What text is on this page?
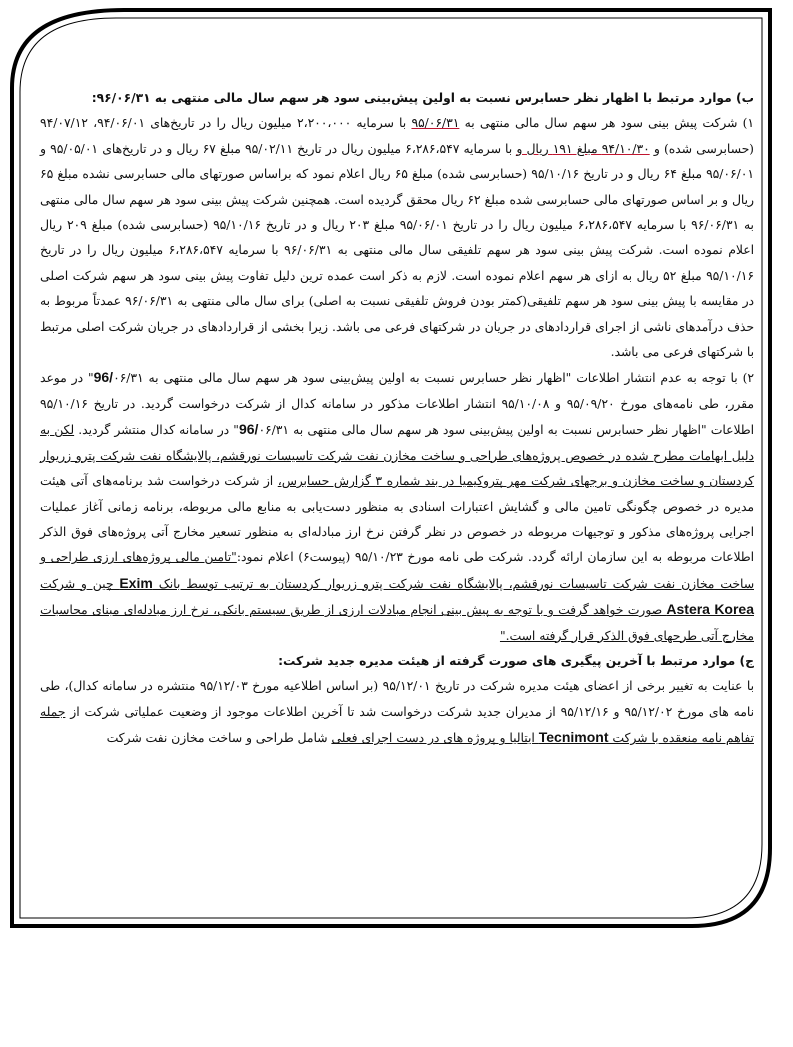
ب) موارد مرتبط با اظهار نظر حسابرس نسبت به اولین پیش‌بینی سود هر سهم سال مالی منتهی به ۹۶/۰۶/۳۱:

۱) شرکت پیش بینی سود هر سهم سال مالی منتهی به ۹۵/۰۶/۳۱ با سرمایه ۲،۲۰۰،۰۰۰ میلیون ریال را در تاریخ‌های ۹۴/۰۶/۰۱، ۹۴/۰۷/۱۲ (حسابرسی شده) و ۹۴/۱۰/۳۰ مبلغ ۱۹۱ ریال و با سرمایه ۶،۲۸۶،۵۴۷ میلیون ریال در تاریخ ۹۵/۰۲/۱۱ مبلغ ۶۷ ریال و در تاریخ‌های ۹۵/۰۵/۰۱ و ۹۵/۰۶/۰۱ مبلغ ۶۴ ریال و در تاریخ ۹۵/۱۰/۱۶ (حسابرسی شده) مبلغ ۶۵ ریال اعلام نمود که براساس صورتهای مالی حسابرسی نشده مبلغ ۶۵ ریال و بر اساس صورتهای مالی حسابرسی شده مبلغ ۶۲ ریال محقق گردیده است. همچنین شرکت پیش بینی سود هر سهم سال مالی منتهی به ۹۶/۰۶/۳۱ با سرمایه ۶،۲۸۶،۵۴۷ میلیون ریال را در تاریخ ۹۵/۰۶/۰۱ مبلغ ۲۰۳ ریال و در تاریخ ۹۵/۱۰/۱۶ (حسابرسی شده) مبلغ ۲۰۹ ریال اعلام نموده است. شرکت پیش بینی سود هر سهم تلفیقی سال مالی منتهی به ۹۶/۰۶/۳۱ با سرمایه ۶،۲۸۶،۵۴۷ میلیون ریال را در تاریخ ۹۵/۱۰/۱۶ مبلغ ۵۲ ریال به ازای هر سهم اعلام نموده است. لازم به ذکر است عمده ترین دلیل تفاوت پیش بینی سود هر سهم شرکت اصلی در مقایسه با پیش بینی سود هر سهم تلفیقی(کمتر بودن فروش تلفیقی نسبت به اصلی) برای سال مالی منتهی به ۹۶/۰۶/۳۱ عمدتاً مربوط به حذف درآمدهای ناشی از اجرای قراردادهای در جریان در شرکتهای فرعی می باشد. زیرا بخشی از قراردادهای در جریان شرکت اصلی مرتبط با شرکتهای فرعی می باشد.

۲) با توجه به عدم انتشار اطلاعات "اظهار نظر حسابرس نسبت به اولین پیش‌بینی سود هر سهم سال مالی منتهی به 96/۰۶/۳۱" در موعد مقرر، طی نامه‌های مورخ ۹۵/۰۹/۲۰ و ۹۵/۱۰/۰۸ انتشار اطلاعات مذکور در سامانه کدال از شرکت درخواست گردید. در تاریخ ۹۵/۱۰/۱۶ اطلاعات "اظهار نظر حسابرس نسبت به اولین پیش‌بینی سود هر سهم سال مالی منتهی به 96/۰۶/۳۱" در سامانه کدال منتشر گردید. لکن به دلیل ابهامات مطرح شده در خصوص پروژه‌های طراحی و ساخت مخازن نفت شرکت تاسیسات نورقشم، پالایشگاه نفت شرکت پترو زریوار کردستان و ساخت مخازن و برجهای شرکت مهر پتروکیمیا در بند شماره ۳ گزارش حسابرس، از شرکت درخواست شد برنامه‌های آتی هیئت مدیره در خصوص چگونگی تامین مالی و گشایش اعتبارات اسنادی به منظور دست‌یابی به منابع مالی مربوطه، برنامه زمانی آغاز عملیات اجرایی پروژه‌های مذکور و توجیهات مربوطه در خصوص در نظر گرفتن نرخ ارز مبادله‌ای به منظور تسعیر مخارج آتی پروژه‌های فوق الذکر اطلاعات مربوطه به این سازمان ارائه گردد. شرکت طی نامه مورخ ۹۵/۱۰/۲۳ (پیوست۶) اعلام نمود:"تامین مالی پروژه‌های ارزی طراحی و ساخت مخازن نفت شرکت تاسیسات نورقشم، پالایشگاه نفت شرکت پترو زریوار کردستان به ترتیب توسط بانک Exim چین و شرکت Astera Korea صورت خواهد گرفت و با توجه به پیش بینی انجام مبادلات ارزی از طریق سیستم بانکی، نرخ ارز مبادله‌ای مبنای محاسبات مخارج آتی طرحهای فوق الذکر قرار گرفته است."

ج) موارد مرتبط با آخرین پیگیری های صورت گرفته از هیئت مدیره جدید شرکت:

با عنایت به تغییر برخی از اعضای هیئت مدیره شرکت در تاریخ ۹۵/۱۲/۰۱ (بر اساس اطلاعیه مورخ ۹۵/۱۲/۰۳ منتشره در سامانه کدال)، طی نامه های مورخ ۹۵/۱۲/۰۲ و ۹۵/۱۲/۱۶ از مدیران جدید شرکت درخواست شد تا آخرین اطلاعات موجود از وضعیت عملیاتی شرکت از جمله تفاهم نامه منعقده با شرکت Tecnimont ایتالیا و پروژه های در دست اجرای فعلی شامل طراحی و ساخت مخازن نفت شرکت
